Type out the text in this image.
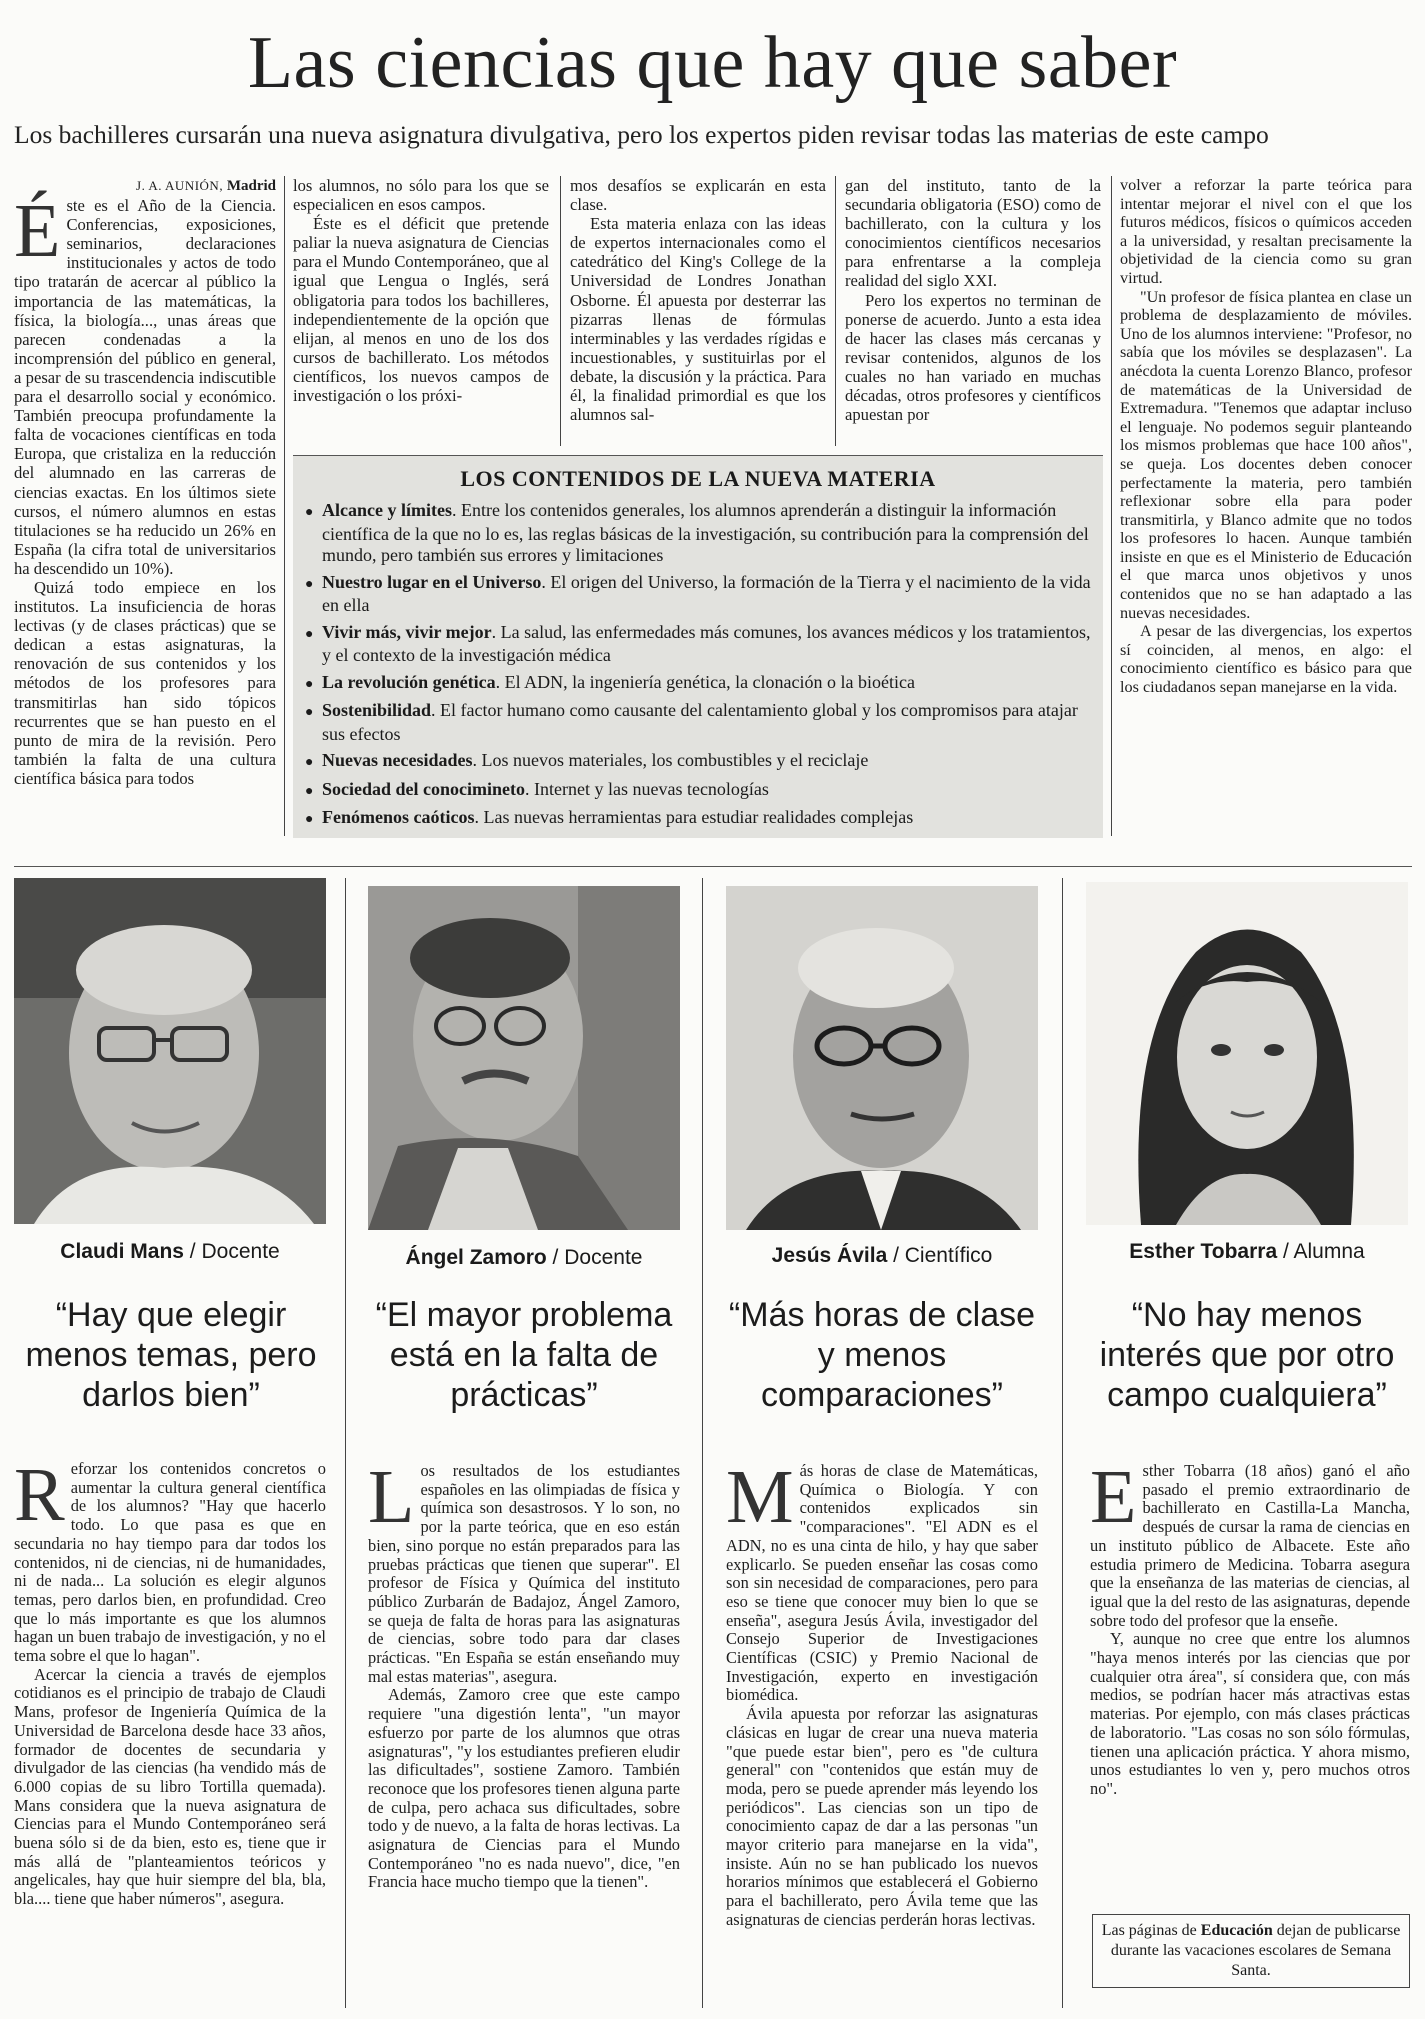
Las ciencias que hay que saber
Los bachilleres cursarán una nueva asignatura divulgativa, pero los expertos piden revisar todas las materias de este campo
J. A. AUNIÓN, Madrid

Éste es el Año de la Ciencia. Conferencias, exposiciones, seminarios, declaraciones institucionales y actos de todo tipo tratarán de acercar al público la importancia de las matemáticas, la física, la biología..., unas áreas que parecen condenadas a la incomprensión del público en general, a pesar de su trascendencia indiscutible para el desarrollo social y económico. También preocupa profundamente la falta de vocaciones científicas en toda Europa, que cristaliza en la reducción del alumnado en las carreras de ciencias exactas. En los últimos siete cursos, el número alumnos en estas titulaciones se ha reducido un 26% en España (la cifra total de universitarios ha descendido un 10%).

Quizá todo empiece en los institutos. La insuficiencia de horas lectivas (y de clases prácticas) que se dedican a estas asignaturas, la renovación de sus contenidos y los métodos de los profesores para transmitirlas han sido tópicos recurrentes que se han puesto en el punto de mira de la revisión. Pero también la falta de una cultura científica básica para todos

los alumnos, no sólo para los que se especialicen en esos campos.

Éste es el déficit que pretende paliar la nueva asignatura de Ciencias para el Mundo Contemporáneo, que al igual que Lengua o Inglés, será obligatoria para todos los bachilleres, independientemente de la opción que elijan, al menos en uno de los dos cursos de bachillerato. Los métodos científicos, los nuevos campos de investigación o los próxi-

mos desafíos se explicarán en esta clase.

Esta materia enlaza con las ideas de expertos internacionales como el catedrático del King's College de la Universidad de Londres Jonathan Osborne. Él apuesta por desterrar las pizarras llenas de fórmulas interminables y las verdades rígidas e incuestionables, y sustituirlas por el debate, la discusión y la práctica. Para él, la finalidad primordial es que los alumnos sal-

gan del instituto, tanto de la secundaria obligatoria (ESO) como de bachillerato, con la cultura y los conocimientos científicos necesarios para enfrentarse a la compleja realidad del siglo XXI.

Pero los expertos no terminan de ponerse de acuerdo. Junto a esta idea de hacer las clases más cercanas y revisar contenidos, algunos de los cuales no han variado en muchas décadas, otros profesores y científicos apuestan por

volver a reforzar la parte teórica para intentar mejorar el nivel con el que los futuros médicos, físicos o químicos acceden a la universidad, y resaltan precisamente la objetividad de la ciencia como su gran virtud.

"Un profesor de física plantea en clase un problema de desplazamiento de móviles. Uno de los alumnos interviene: "Profesor, no sabía que los móviles se desplazasen". La anécdota la cuenta Lorenzo Blanco, profesor de matemáticas de la Universidad de Extremadura. "Tenemos que adaptar incluso el lenguaje. No podemos seguir planteando los mismos problemas que hace 100 años", se queja. Los docentes deben conocer perfectamente la materia, pero también reflexionar sobre ella para poder transmitirla, y Blanco admite que no todos los profesores lo hacen. Aunque también insiste en que es el Ministerio de Educación el que marca unos objetivos y unos contenidos que no se han adaptado a las nuevas necesidades.

A pesar de las divergencias, los expertos sí coinciden, al menos, en algo: el conocimiento científico es básico para que los ciudadanos sepan manejarse en la vida.

LOS CONTENIDOS DE LA NUEVA MATERIA
● Alcance y límites. Entre los contenidos generales, los alumnos aprenderán a distinguir la información científica de la que no lo es, las reglas básicas de la investigación, su contribución para la comprensión del mundo, pero también sus errores y limitaciones
● Nuestro lugar en el Universo. El origen del Universo, la formación de la Tierra y el nacimiento de la vida en ella
● Vivir más, vivir mejor. La salud, las enfermedades más comunes, los avances médicos y los tratamientos, y el contexto de la investigación médica
● La revolución genética. El ADN, la ingeniería genética, la clonación o la bioética
● Sostenibilidad. El factor humano como causante del calentamiento global y los compromisos para atajar sus efectos
● Nuevas necesidades. Los nuevos materiales, los combustibles y el reciclaje
● Sociedad del conocimineto. Internet y las nuevas tecnologías
● Fenómenos caóticos. Las nuevas herramientas para estudiar realidades complejas
Claudi Mans / Docente
“Hay que elegir menos temas, pero darlos bien”

Reforzar los contenidos concretos o aumentar la cultura general científica de los alumnos? "Hay que hacerlo todo. Lo que pasa es que en secundaria no hay tiempo para dar todos los contenidos, ni de ciencias, ni de humanidades, ni de nada... La solución es elegir algunos temas, pero darlos bien, en profundidad. Creo que lo más importante es que los alumnos hagan un buen trabajo de investigación, y no el tema sobre el que lo hagan".

Acercar la ciencia a través de ejemplos cotidianos es el principio de trabajo de Claudi Mans, profesor de Ingeniería Química de la Universidad de Barcelona desde hace 33 años, formador de docentes de secundaria y divulgador de las ciencias (ha vendido más de 6.000 copias de su libro Tortilla quemada). Mans considera que la nueva asignatura de Ciencias para el Mundo Contemporáneo será buena sólo si de da bien, esto es, tiene que ir más allá de "planteamientos teóricos y angelicales, hay que huir siempre del bla, bla, bla.... tiene que haber números", asegura.

Ángel Zamoro / Docente
“El mayor problema está en la falta de prácticas”

Los resultados de los estudiantes españoles en las olimpiadas de física y química son desastrosos. Y lo son, no por la parte teórica, que en eso están bien, sino porque no están preparados para las pruebas prácticas que tienen que superar". El profesor de Física y Química del instituto público Zurbarán de Badajoz, Ángel Zamoro, se queja de falta de horas para las asignaturas de ciencias, sobre todo para dar clases prácticas. "En España se están enseñando muy mal estas materias", asegura.

Además, Zamoro cree que este campo requiere "una digestión lenta", "un mayor esfuerzo por parte de los alumnos que otras asignaturas", "y los estudiantes prefieren eludir las dificultades", sostiene Zamoro. También reconoce que los profesores tienen alguna parte de culpa, pero achaca sus dificultades, sobre todo y de nuevo, a la falta de horas lectivas. La asignatura de Ciencias para el Mundo Contemporáneo "no es nada nuevo", dice, "en Francia hace mucho tiempo que la tienen".

Jesús Ávila / Científico
“Más horas de clase y menos comparaciones”

Más horas de clase de Matemáticas, Química o Biología. Y con contenidos explicados sin "comparaciones". "El ADN es el ADN, no es una cinta de hilo, y hay que saber explicarlo. Se pueden enseñar las cosas como son sin necesidad de comparaciones, pero para eso se tiene que conocer muy bien lo que se enseña", asegura Jesús Ávila, investigador del Consejo Superior de Investigaciones Científicas (CSIC) y Premio Nacional de Investigación, experto en investigación biomédica.

Ávila apuesta por reforzar las asignaturas clásicas en lugar de crear una nueva materia "que puede estar bien", pero es "de cultura general" con "contenidos que están muy de moda, pero se puede aprender más leyendo los periódicos". Las ciencias son un tipo de conocimiento capaz de dar a las personas "un mayor criterio para manejarse en la vida", insiste. Aún no se han publicado los nuevos horarios mínimos que establecerá el Gobierno para el bachillerato, pero Ávila teme que las asignaturas de ciencias perderán horas lectivas.

Esther Tobarra / Alumna
“No hay menos interés que por otro campo cualquiera”

Esther Tobarra (18 años) ganó el año pasado el premio extraordinario de bachillerato en Castilla-La Mancha, después de cursar la rama de ciencias en un instituto público de Albacete. Este año estudia primero de Medicina. Tobarra asegura que la enseñanza de las materias de ciencias, al igual que la del resto de las asignaturas, depende sobre todo del profesor que la enseñe.

Y, aunque no cree que entre los alumnos "haya menos interés por las ciencias que por cualquier otra área", sí considera que, con más medios, se podrían hacer más atractivas estas materias. Por ejemplo, con más clases prácticas de laboratorio. "Las cosas no son sólo fórmulas, tienen una aplicación práctica. Y ahora mismo, unos estudiantes lo ven y, pero muchos otros no".

Las páginas de Educación dejan de publicarse durante las vacaciones escolares de Semana Santa.
